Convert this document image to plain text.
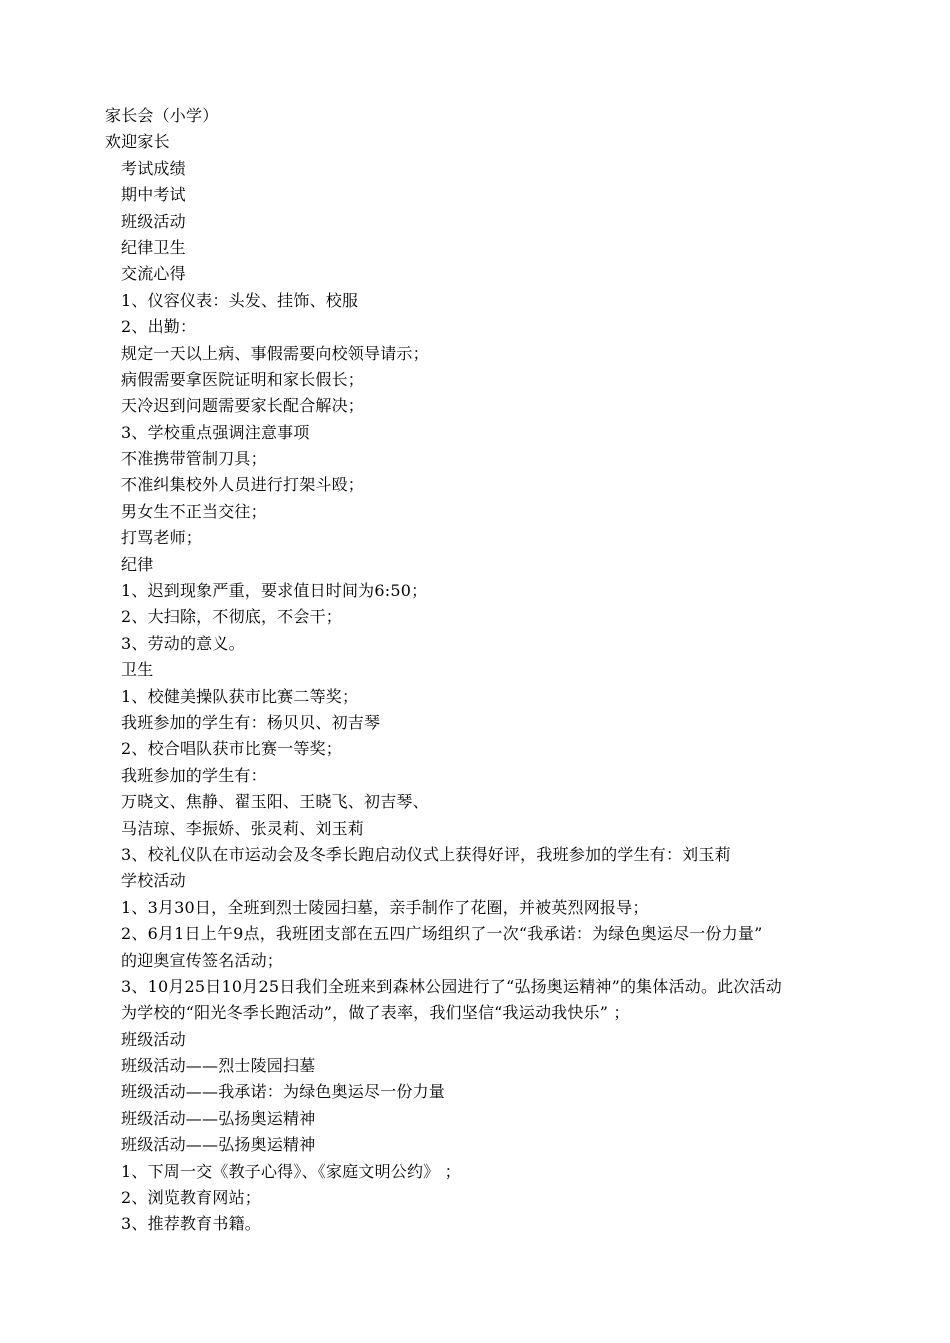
家长会（小学）
欢迎家长
考试成绩
期中考试
班级活动
纪律卫生
交流心得
1、仪容仪表：头发、挂饰、校服
2、出勤：
规定一天以上病、事假需要向校领导请示；
病假需要拿医院证明和家长假长；
天冷迟到问题需要家长配合解决；
3、学校重点强调注意事项
不准携带管制刀具；
不准纠集校外人员进行打架斗殴；
男女生不正当交往；
打骂老师；
纪律
1、迟到现象严重，要求值日时间为6:50；
2、大扫除，不彻底，不会干；
3、劳动的意义。
卫生
1、校健美操队获市比赛二等奖；
我班参加的学生有：杨贝贝、初吉琴
2、校合唱队获市比赛一等奖；
我班参加的学生有：
万晓文、焦静、翟玉阳、王晓飞、初吉琴、
马洁琼、李振娇、张灵莉、刘玉莉
3、校礼仪队在市运动会及冬季长跑启动仪式上获得好评，我班参加的学生有：刘玉莉
学校活动
1、3月30日，全班到烈士陵园扫墓，亲手制作了花圈，并被英烈网报导；
2、6月1日上午9点，我班团支部在五四广场组织了一次“我承诺：为绿色奥运尽一份力量”
的迎奥宣传签名活动；
3、10月25日10月25日我们全班来到森林公园进行了“弘扬奥运精神”的集体活动。此次活动
为学校的“阳光冬季长跑活动”，做了表率，我们坚信“我运动我快乐” ；
班级活动
班级活动——烈士陵园扫墓
班级活动——我承诺：为绿色奥运尽一份力量
班级活动——弘扬奥运精神
班级活动——弘扬奥运精神
1、下周一交《教子心得》、《家庭文明公约》 ；
2、浏览教育网站；
3、推荐教育书籍。
